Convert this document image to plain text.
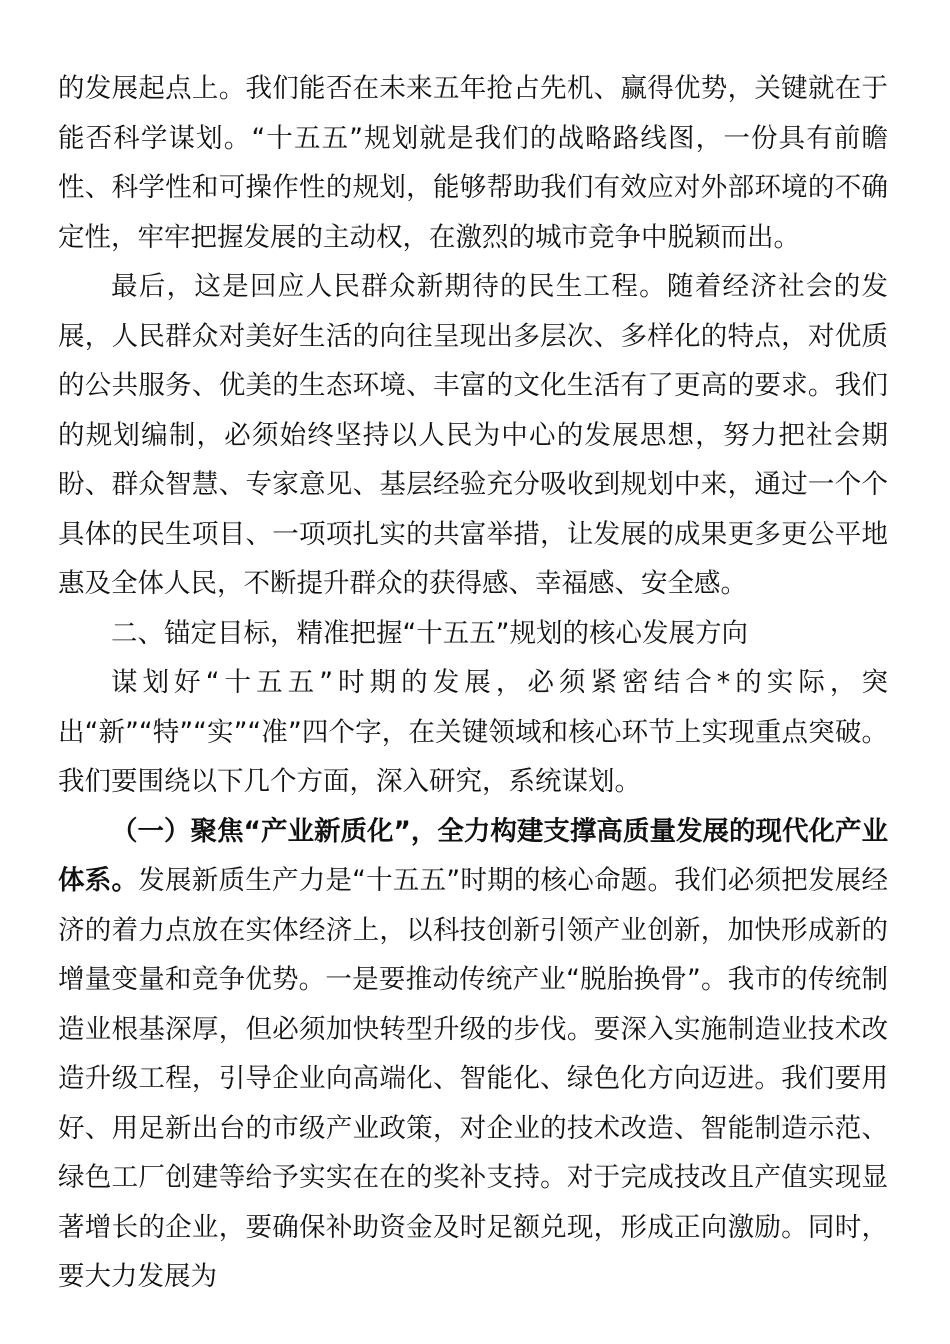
的发展起点上。我们能否在未来五年抢占先机、赢得优势，关键就在于能否科学谋划。“十五五”规划就是我们的战略路线图，一份具有前瞻性、科学性和可操作性的规划，能够帮助我们有效应对外部环境的不确定性，牢牢把握发展的主动权，在激烈的城市竞争中脱颖而出。

最后，这是回应人民群众新期待的民生工程。随着经济社会的发展，人民群众对美好生活的向往呈现出多层次、多样化的特点，对优质的公共服务、优美的生态环境、丰富的文化生活有了更高的要求。我们的规划编制，必须始终坚持以人民为中心的发展思想，努力把社会期盼、群众智慧、专家意见、基层经验充分吸收到规划中来，通过一个个具体的民生项目、一项项扎实的共富举措，让发展的成果更多更公平地惠及全体人民，不断提升群众的获得感、幸福感、安全感。

二、锚定目标，精准把握“十五五”规划的核心发展方向

谋划好“十五五”时期的发展，必须紧密结合*的实际，突出“新”“特”“实”“准”四个字，在关键领域和核心环节上实现重点突破。我们要围绕以下几个方面，深入研究，系统谋划。

（一）聚焦“产业新质化”，全力构建支撑高质量发展的现代化产业体系。发展新质生产力是“十五五”时期的核心命题。我们必须把发展经济的着力点放在实体经济上，以科技创新引领产业创新，加快形成新的增量变量和竞争优势。一是要推动传统产业“脱胎换骨”。我市的传统制造业根基深厚，但必须加快转型升级的步伐。要深入实施制造业技术改造升级工程，引导企业向高端化、智能化、绿色化方向迈进。我们要用好、用足新出台的市级产业政策，对企业的技术改造、智能制造示范、绿色工厂创建等给予实实在在的奖补支持。对于完成技改且产值实现显著增长的企业，要确保补助资金及时足额兑现，形成正向激励。同时，要大力发展为
